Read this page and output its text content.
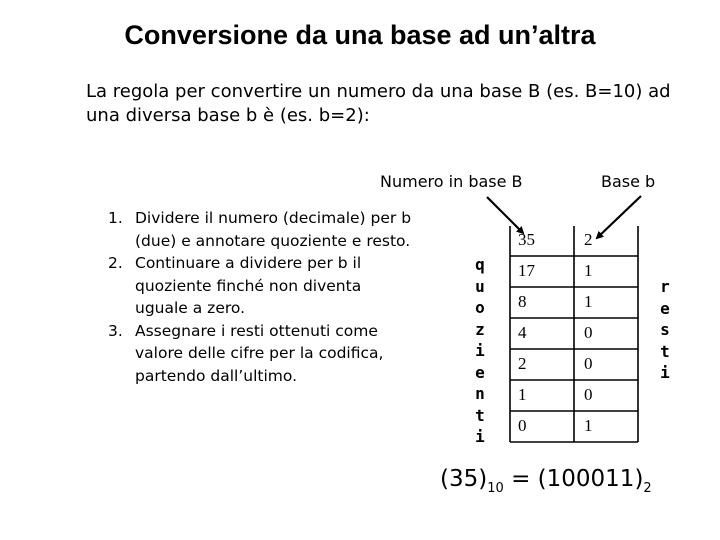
Conversione da una base ad un’altra
La regola per convertire un numero da una base B (es. B=10) ad una diversa base b è (es. b=2):
Numero in base B	Base b
1. Dividere il numero (decimale) per b (due) e annotare quoziente e resto.
2. Continuare a dividere per b il quoziente finché non diventa uguale a zero.
3. Assegnare i resti ottenuti come valore delle cifre per la codifica, partendo dall’ultimo.
q
u
o
z
i
e
n
t
i
r
e
s
t
i
35	2
17	1
8	1
4	0
2	0
1	0
0	1
$(35)_{10} = (100011)_2$
